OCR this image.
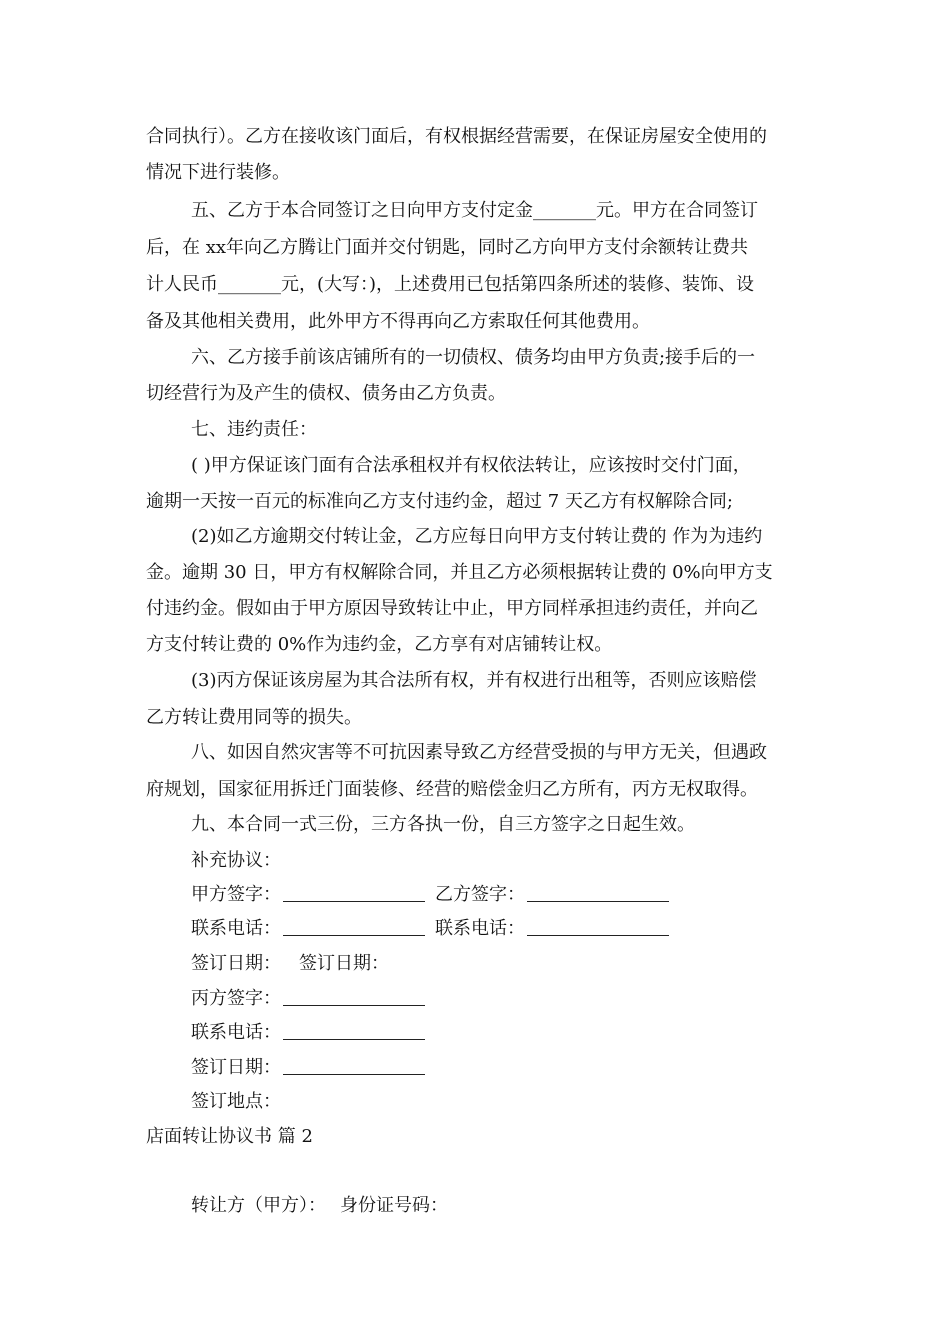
合同执行）。乙方在接收该门面后，有权根据经营需要，在保证房屋安全使用的
情况下进行装修。
五、乙方于本合同签订之日向甲方支付定金_______元。甲方在合同签订
后，在 xx年向乙方腾让门面并交付钥匙，同时乙方向甲方支付余额转让费共
计人民币_______元，(大写：)，上述费用已包括第四条所述的装修、装饰、设
备及其他相关费用，此外甲方不得再向乙方索取任何其他费用。
六、乙方接手前该店铺所有的一切债权、债务均由甲方负责;接手后的一
切经营行为及产生的债权、债务由乙方负责。
七、违约责任：
( )甲方保证该门面有合法承租权并有权依法转让，应该按时交付门面，
逾期一天按一百元的标准向乙方支付违约金，超过 7 天乙方有权解除合同;
(2)如乙方逾期交付转让金，乙方应每日向甲方支付转让费的 作为为违约
金。逾期 30 日，甲方有权解除合同，并且乙方必须根据转让费的 0%向甲方支
付违约金。假如由于甲方原因导致转让中止，甲方同样承担违约责任，并向乙
方支付转让费的 0%作为违约金，乙方享有对店铺转让权。
(3)丙方保证该房屋为其合法所有权，并有权进行出租等，否则应该赔偿
乙方转让费用同等的损失。
八、如因自然灾害等不可抗因素导致乙方经营受损的与甲方无关，但遇政
府规划，国家征用拆迁门面装修、经营的赔偿金归乙方所有，丙方无权取得。
九、本合同一式三份，三方各执一份，自三方签字之日起生效。
补充协议：
甲方签字：	乙方签字：
联系电话：	联系电话：
签订日期： 签订日期：
丙方签字：
联系电话：
签订日期：
签订地点：
店面转让协议书 篇 2
转让方（甲方）： 身份证号码：
